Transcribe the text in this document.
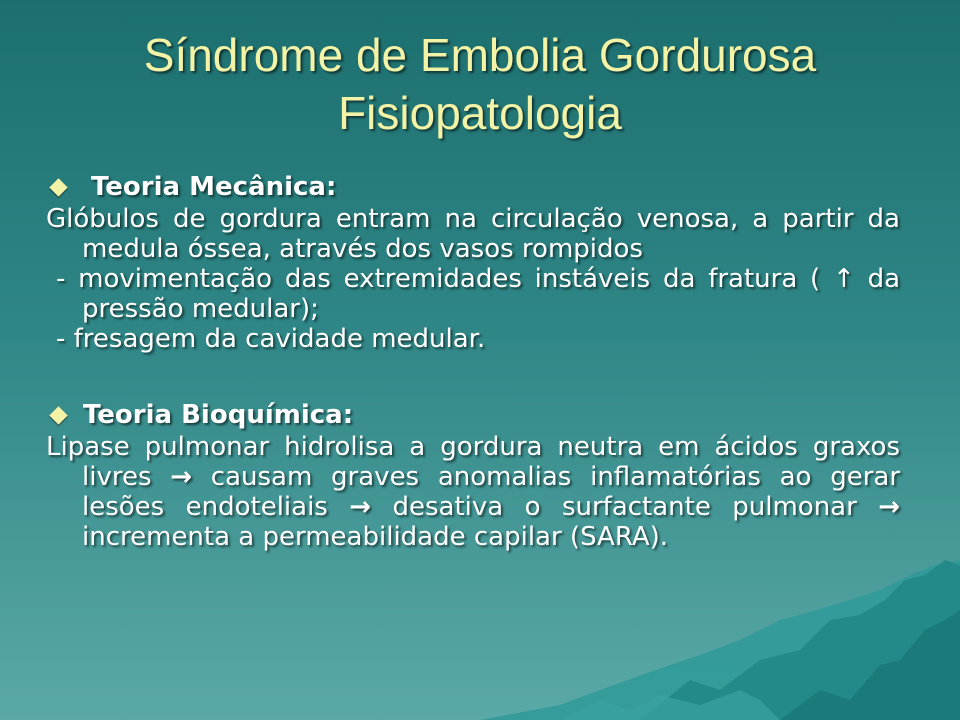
Síndrome de Embolia Gordurosa
Fisiopatologia
Teoria Mecânica:
Glóbulos de gordura entram na circulação venosa, a partir da medula óssea, através dos vasos rompidos
- movimentação das extremidades instáveis da fratura ( ↑ da pressão medular);
- fresagem da cavidade medular.
Teoria Bioquímica:
Lipase pulmonar hidrolisa a gordura neutra em ácidos graxos livres → causam graves anomalias inflamatórias ao gerar lesões endoteliais → desativa o surfactante pulmonar → incrementa a permeabilidade capilar (SARA).
